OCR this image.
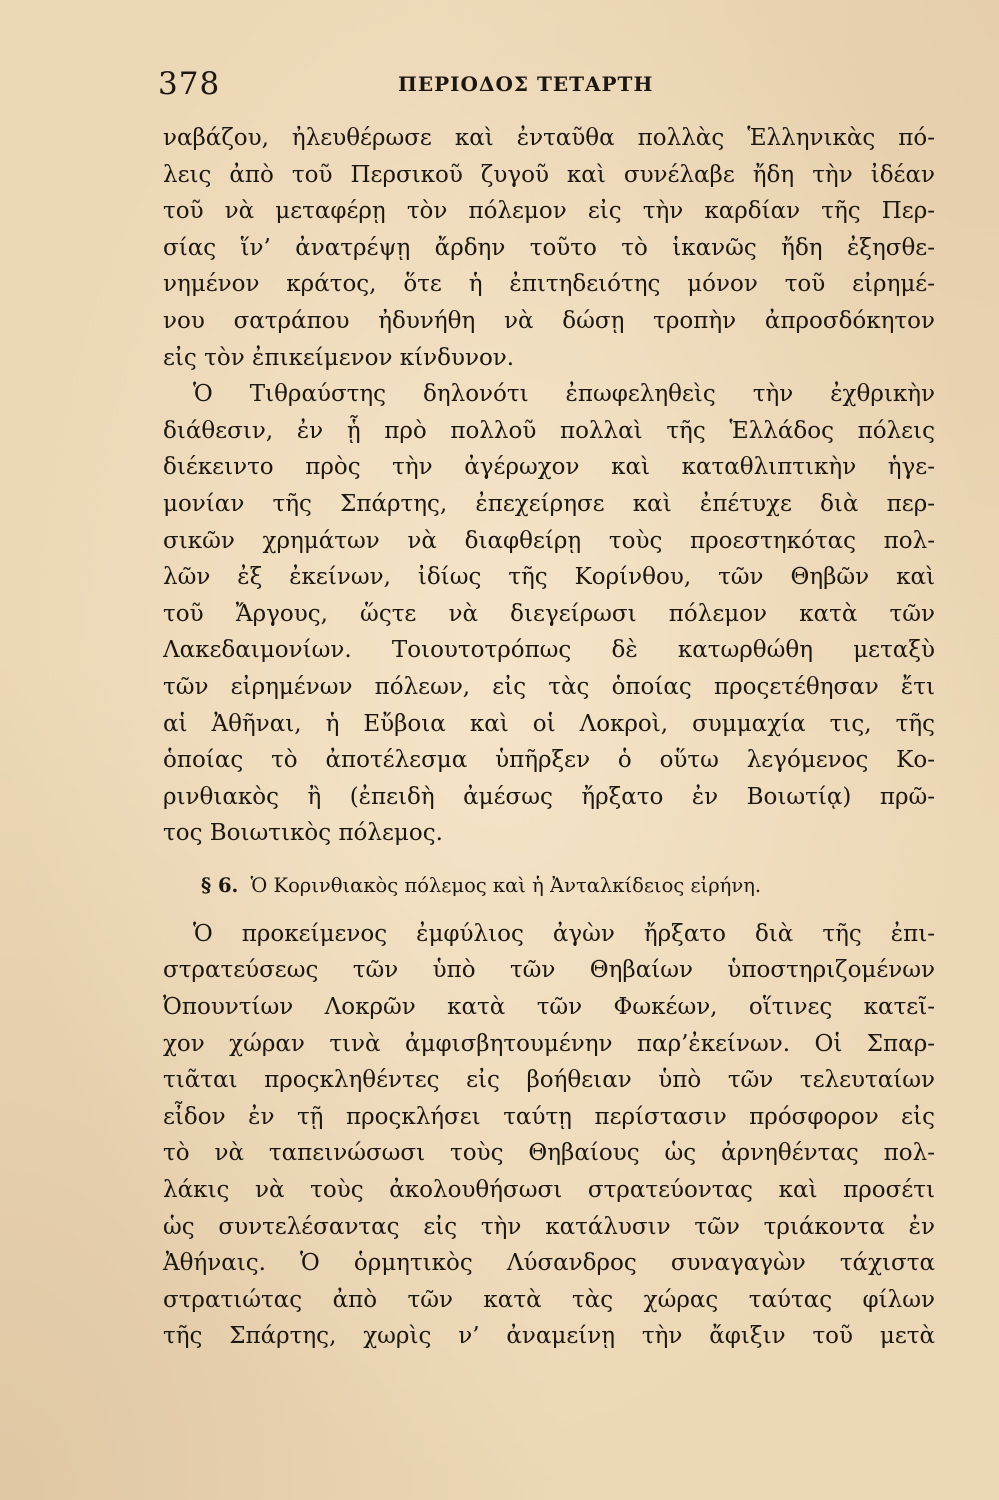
378	ΠΕΡΙΟΔΟΣ ΤΕΤΑΡΤΗ
ναβάζου, ἠλευθέρωσε καὶ ἐνταῦθα πολλὰς Ἑλληνικὰς πό-
λεις ἀπὸ τοῦ Περσικοῦ ζυγοῦ καὶ συνέλαβε ἤδη τὴν ἰδέαν
τοῦ νὰ μεταφέρῃ τὸν πόλεμον εἰς τὴν καρδίαν τῆς Περ-
σίας ἵν’ ἀνατρέψῃ ἄρδην τοῦτο τὸ ἱκανῶς ἤδη ἐξησθε-
νημένον κράτος, ὅτε ἡ ἐπιτηδειότης μόνον τοῦ εἰρημέ-
νου σατράπου ἠδυνήθη νὰ δώσῃ τροπὴν ἀπροσδόκητον
εἰς τὸν ἐπικείμενον κίνδυνον.
Ὁ Τιθραύστης δηλονότι ἐπωφεληθεὶς τὴν ἐχθρικὴν
διάθεσιν, ἐν ᾗ πρὸ πολλοῦ πολλαὶ τῆς Ἑλλάδος πόλεις
διέκειντο πρὸς τὴν ἀγέρωχον καὶ καταθλιπτικὴν ἡγε-
μονίαν τῆς Σπάρτης, ἐπεχείρησε καὶ ἐπέτυχε διὰ περ-
σικῶν χρημάτων νὰ διαφθείρῃ τοὺς προεστηκότας πολ-
λῶν ἐξ ἐκείνων, ἰδίως τῆς Κορίνθου, τῶν Θηβῶν καὶ
τοῦ Ἄργους, ὥςτε νὰ διεγείρωσι πόλεμον κατὰ τῶν
Λακεδαιμονίων. Τοιουτοτρόπως δὲ κατωρθώθη μεταξὺ
τῶν εἰρημένων πόλεων, εἰς τὰς ὁποίας προςετέθησαν ἔτι
αἱ Ἀθῆναι, ἡ Εὔβοια καὶ οἱ Λοκροὶ, συμμαχία τις, τῆς
ὁποίας τὸ ἀποτέλεσμα ὑπῆρξεν ὁ οὕτω λεγόμενος Κο-
ρινθιακὸς ἢ (ἐπειδὴ ἀμέσως ἤρξατο ἐν Βοιωτίᾳ) πρῶ-
τος Βοιωτικὸς πόλεμος.
§ 6. Ὁ Κορινθιακὸς πόλεμος καὶ ἡ Ἀνταλκίδειος εἰρήνη.
Ὁ προκείμενος ἐμφύλιος ἀγὼν ἤρξατο διὰ τῆς ἐπι-
στρατεύσεως τῶν ὑπὸ τῶν Θηβαίων ὑποστηριζομένων
Ὀπουντίων Λοκρῶν κατὰ τῶν Φωκέων, οἵτινες κατεῖ-
χον χώραν τινὰ ἀμφισβητουμένην παρ’ἐκείνων. Οἱ Σπαρ-
τιᾶται προςκληθέντες εἰς βοήθειαν ὑπὸ τῶν τελευταίων
εἶδον ἐν τῇ προςκλήσει ταύτῃ περίστασιν πρόσφορον εἰς
τὸ νὰ ταπεινώσωσι τοὺς Θηβαίους ὡς ἀρνηθέντας πολ-
λάκις νὰ τοὺς ἀκολουθήσωσι στρατεύοντας καὶ προσέτι
ὡς συντελέσαντας εἰς τὴν κατάλυσιν τῶν τριάκοντα ἐν
Ἀθήναις. Ὁ ὁρμητικὸς Λύσανδρος συναγαγὼν τάχιστα
στρατιώτας ἀπὸ τῶν κατὰ τὰς χώρας ταύτας φίλων
τῆς Σπάρτης, χωρὶς ν’ ἀναμείνῃ τὴν ἄφιξιν τοῦ μετὰ
